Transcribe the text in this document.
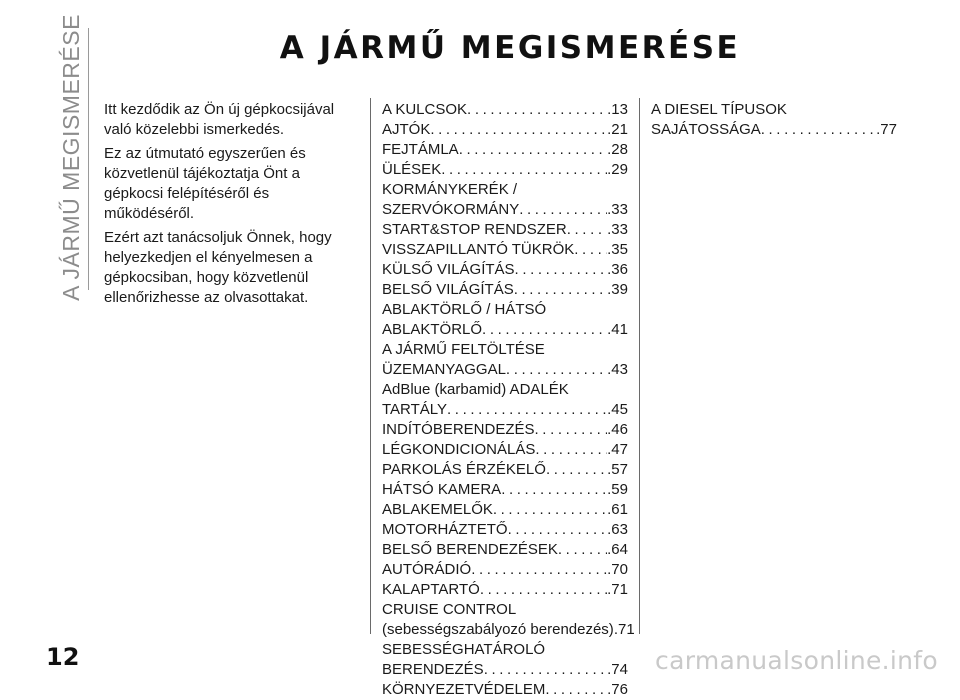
A JÁRMŰ MEGISMERÉSE	A JÁRMŰ MEGISMERÉSE

Itt kezdődik az Ön új gépkocsijával való közelebbi ismerkedés.

Ez az útmutató egyszerűen és közvetlenül tájékoztatja Önt a gépkocsi felépítéséről és működéséről.

Ezért azt tanácsoljuk Önnek, hogy helyezkedjen el kényelmesen a gépkocsiban, hogy közvetlenül ellenőrizhesse az olvasottakat.

A KULCSOK .....	.13
AJTÓK .....	.21
FEJTÁMLA .....	.28
ÜLÉSEK .....	.29
KORMÁNYKERÉK /
SZERVÓKORMÁNY .....	.33
START&STOP RENDSZER .....	.33
VISSZAPILLANTÓ TÜKRÖK ..... .35
KÜLSŐ VILÁGÍTÁS .....	.36
BELSŐ VILÁGÍTÁS .....	.39
ABLAKTÖRLŐ / HÁTSÓ
ABLAKTÖRLŐ .....	.41
A JÁRMŰ FELTÖLTÉSE
ÜZEMANYAGGAL .....	.43
AdBlue (karbamid) ADALÉK
TARTÁLY .....	.45
INDÍTÓBERENDEZÉS .....	.46
LÉGKONDICIONÁLÁS .....	.47
PARKOLÁS ÉRZÉKELŐ .....	.57
HÁTSÓ KAMERA .....	.59
ABLAKEMELŐK .....	.61
MOTORHÁZTETŐ .....	.63
BELSŐ BERENDEZÉSEK .....	.64
AUTÓRÁDIÓ .....	.70
KALAPTARTÓ .....	.71
CRUISE CONTROL
(sebességszabályozó berendezés) .71
SEBESSÉGHATÁROLÓ
BERENDEZÉS .....	.74
KÖRNYEZETVÉDELEM .....	.76
A DIESEL TÍPUSOK
SAJÁTOSSÁGA .....	.77
12	carmanualsonline.info
